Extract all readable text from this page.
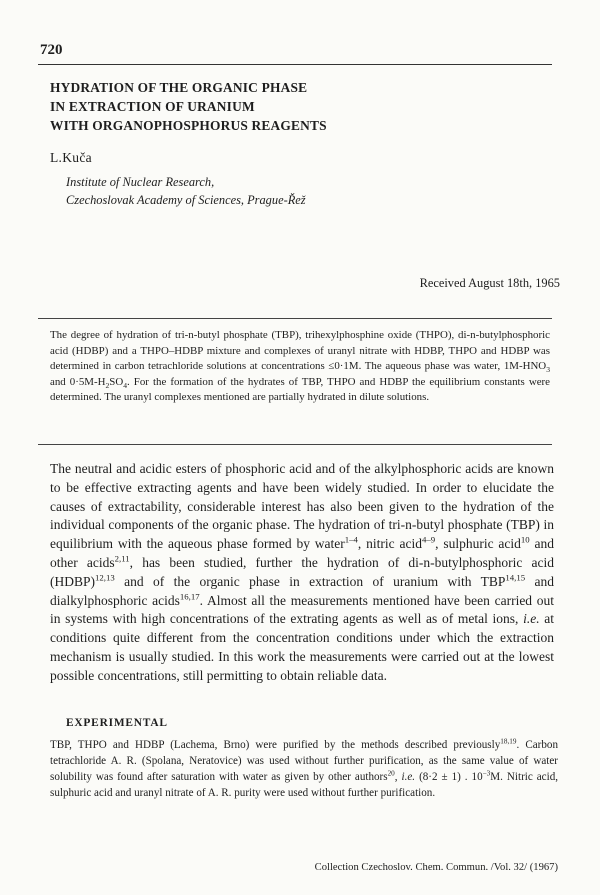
720
HYDRATION OF THE ORGANIC PHASE
IN EXTRACTION OF URANIUM
WITH ORGANOPHOSPHORUS REAGENTS
L.Kuča
Institute of Nuclear Research,
Czechoslovak Academy of Sciences, Prague-Řež
Received August 18th, 1965
The degree of hydration of tri-n-butyl phosphate (TBP), trihexylphosphine oxide (THPO), di-n-butylphosphoric acid (HDBP) and a THPO–HDBP mixture and complexes of uranyl nitrate with HDBP, THPO and HDBP was determined in carbon tetrachloride solutions at concentrations ≤0·1M. The aqueous phase was water, $1M-HNO_3$ and $0\cdot 5M-H_2SO_4$. For the formation of the hydrates of TBP, THPO and HDBP the equilibrium constants were determined. The uranyl complexes mentioned are partially hydrated in dilute solutions.
The neutral and acidic esters of phosphoric acid and of the alkylphosphoric acids are known to be effective extracting agents and have been widely studied. In order to elucidate the causes of extractability, considerable interest has also been given to the hydration of the individual components of the organic phase. The hydration of tri-n-butyl phosphate (TBP) in equilibrium with the aqueous phase formed by water$^{1-4}$, nitric acid$^{4-9}$, sulphuric acid$^{10}$ and other acids$^{2,11}$, has been studied, further the hydration of di-n-butylphosphoric acid (HDBP)$^{12,13}$ and of the organic phase in extraction of uranium with TBP$^{14,15}$ and dialkylphosphoric acids$^{16,17}$. Almost all the measurements mentioned have been carried out in systems with high concentrations of the extrating agents as well as of metal ions, i.e. at conditions quite different from the concentration conditions under which the extraction mechanism is usually studied. In this work the measurements were carried out at the lowest possible concentrations, still permitting to obtain reliable data.
EXPERIMENTAL
TBP, THPO and HDBP (Lachema, Brno) were purified by the methods described previously$^{18,19}$. Carbon tetrachloride A. R. (Spolana, Neratovice) was used without further purification, as the same value of water solubility was found after saturation with water as given by other authors$^{20}$, i.e. (8·2 ± 1) . $10^{-3}M$. Nitric acid, sulphuric acid and uranyl nitrate of A. R. purity were used without further purification.
Collection Czechoslov. Chem. Commun. /Vol. 32/ (1967)
